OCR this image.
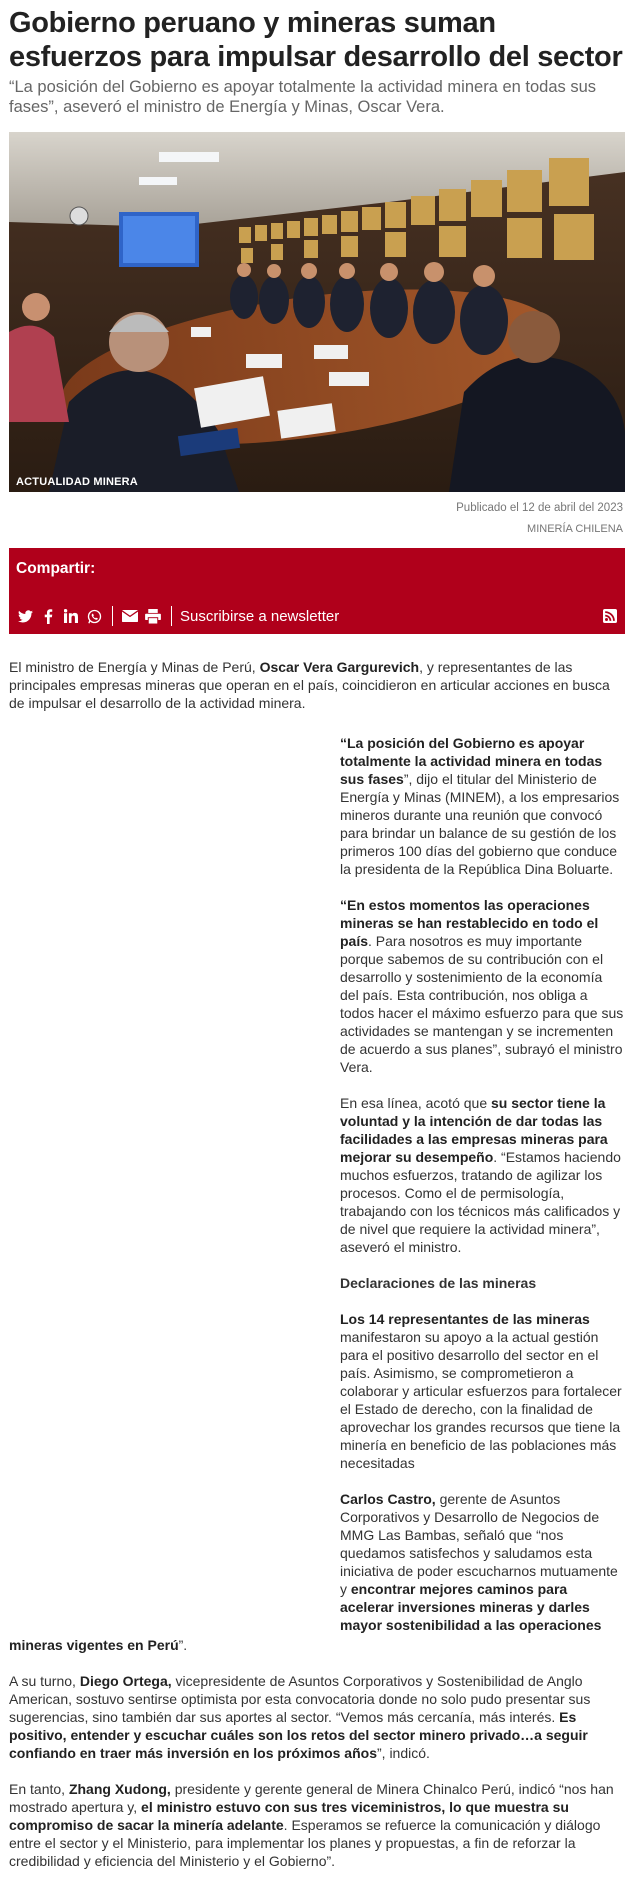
Gobierno peruano y mineras suman esfuerzos para impulsar desarrollo del sector

“La posición del Gobierno es apoyar totalmente la actividad minera en todas sus fases”, aseveró el ministro de Energía y Minas, Oscar Vera.

ACTUALIDAD MINERA
Publicado el 12 de abril del 2023
MINERÍA CHILENA
Compartir:
Suscribirse a newsletter

El ministro de Energía y Minas de Perú, Oscar Vera Gargurevich, y representantes de las principales empresas mineras que operan en el país, coincidieron en articular acciones en busca de impulsar el desarrollo de la actividad minera.

“La posición del Gobierno es apoyar totalmente la actividad minera en todas sus fases”, dijo el titular del Ministerio de Energía y Minas (MINEM), a los empresarios mineros durante una reunión que convocó para brindar un balance de su gestión de los primeros 100 días del gobierno que conduce la presidenta de la República Dina Boluarte.

“En estos momentos las operaciones mineras se han restablecido en todo el país. Para nosotros es muy importante porque sabemos de su contribución con el desarrollo y sostenimiento de la economía del país. Esta contribución, nos obliga a todos hacer el máximo esfuerzo para que sus actividades se mantengan y se incrementen de acuerdo a sus planes”, subrayó el ministro Vera.

En esa línea, acotó que su sector tiene la voluntad y la intención de dar todas las facilidades a las empresas mineras para mejorar su desempeño. “Estamos haciendo muchos esfuerzos, tratando de agilizar los procesos. Como el de permisología, trabajando con los técnicos más calificados y de nivel que requiere la actividad minera”, aseveró el ministro.

Declaraciones de las mineras

Los 14 representantes de las mineras manifestaron su apoyo a la actual gestión para el positivo desarrollo del sector en el país. Asimismo, se comprometieron a colaborar y articular esfuerzos para fortalecer el Estado de derecho, con la finalidad de aprovechar los grandes recursos que tiene la minería en beneficio de las poblaciones más necesitadas

Carlos Castro, gerente de Asuntos Corporativos y Desarrollo de Negocios de MMG Las Bambas, señaló que “nos quedamos satisfechos y saludamos esta iniciativa de poder escucharnos mutuamente y encontrar mejores caminos para acelerar inversiones mineras y darles mayor sostenibilidad a las operaciones

mineras vigentes en Perú”.

A su turno, Diego Ortega, vicepresidente de Asuntos Corporativos y Sostenibilidad de Anglo American, sostuvo sentirse optimista por esta convocatoria donde no solo pudo presentar sus sugerencias, sino también dar sus aportes al sector. “Vemos más cercanía, más interés. Es positivo, entender y escuchar cuáles son los retos del sector minero privado…a seguir confiando en traer más inversión en los próximos años”, indicó.

En tanto, Zhang Xudong, presidente y gerente general de Minera Chinalco Perú, indicó “nos han mostrado apertura y, el ministro estuvo con sus tres viceministros, lo que muestra su compromiso de sacar la minería adelante. Esperamos se refuerce la comunicación y diálogo entre el sector y el Ministerio, para implementar los planes y propuestas, a fin de reforzar la credibilidad y eficiencia del Ministerio y el Gobierno”.
